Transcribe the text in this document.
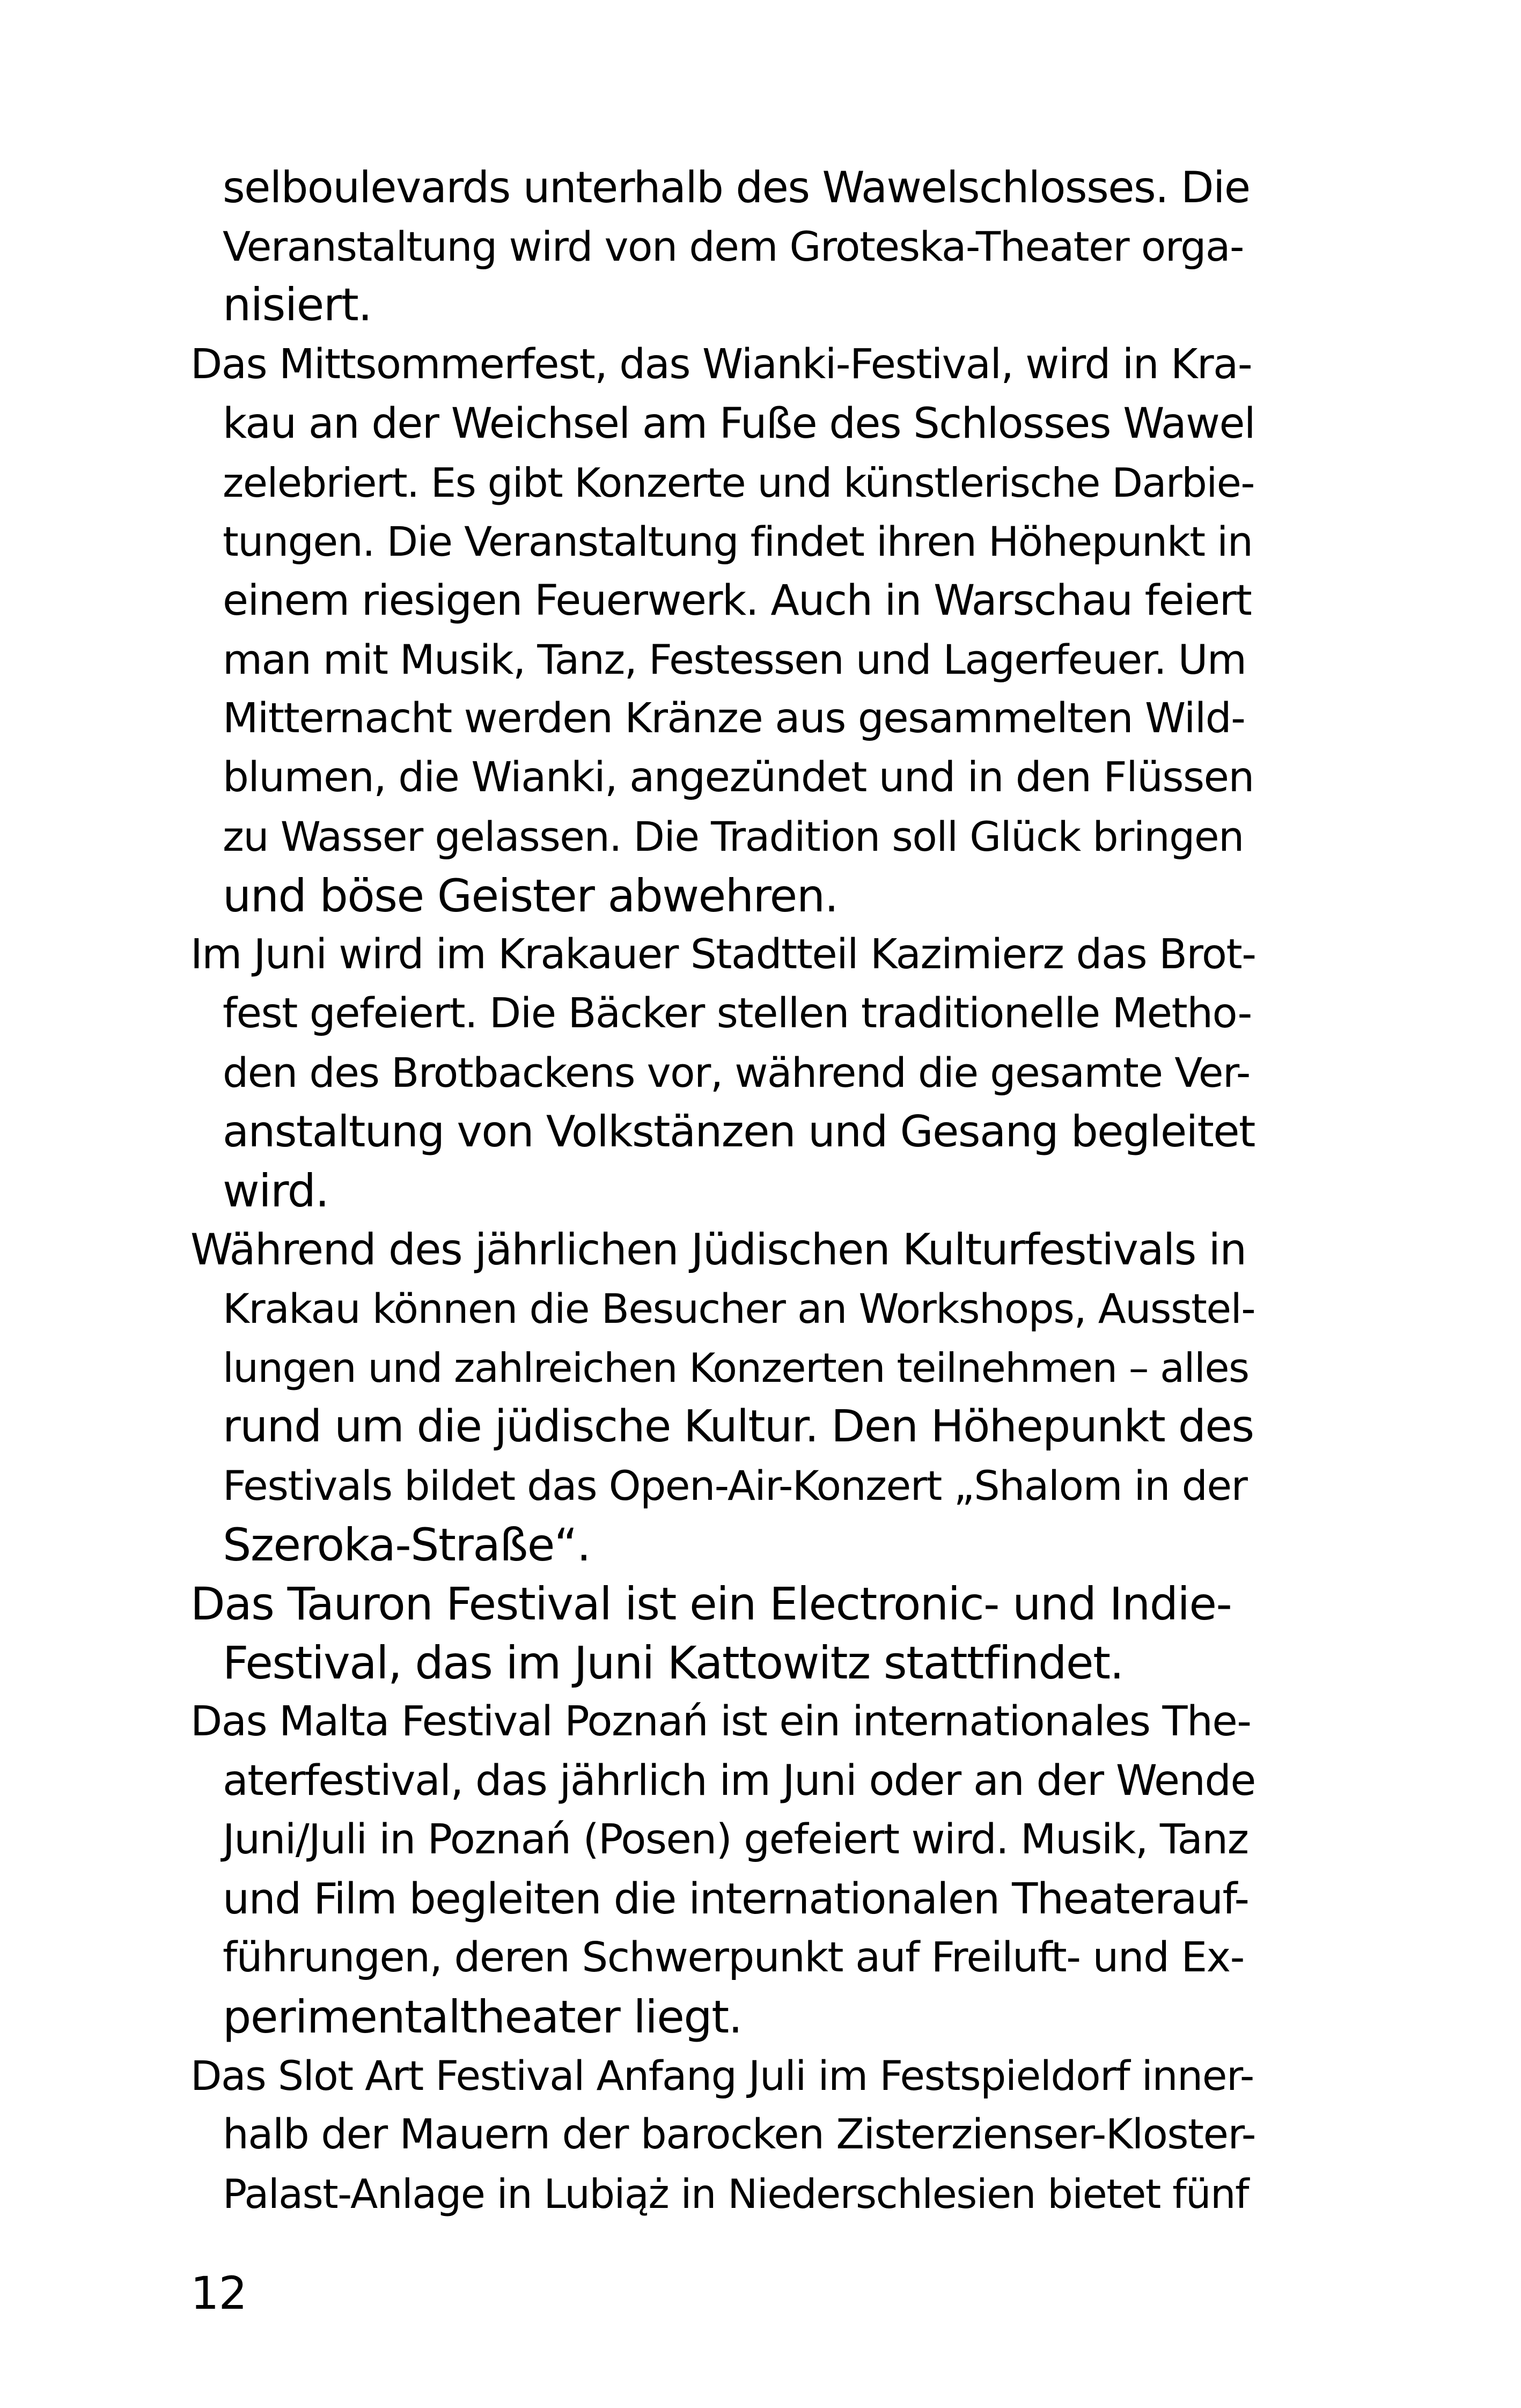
selboulevards unterhalb des Wawelschlosses. Die
Veranstaltung wird von dem Groteska-Theater orga-
nisiert.
Das Mittsommerfest, das Wianki-Festival, wird in Kra-
kau an der Weichsel am Fuße des Schlosses Wawel
zelebriert. Es gibt Konzerte und künstlerische Darbie-
tungen. Die Veranstaltung findet ihren Höhepunkt in
einem riesigen Feuerwerk. Auch in Warschau feiert
man mit Musik, Tanz, Festessen und Lagerfeuer. Um
Mitternacht werden Kränze aus gesammelten Wild-
blumen, die Wianki, angezündet und in den Flüssen
zu Wasser gelassen. Die Tradition soll Glück bringen
und böse Geister abwehren.
Im Juni wird im Krakauer Stadtteil Kazimierz das Brot-
fest gefeiert. Die Bäcker stellen traditionelle Metho-
den des Brotbackens vor, während die gesamte Ver-
anstaltung von Volkstänzen und Gesang begleitet
wird.
Während des jährlichen Jüdischen Kulturfestivals in
Krakau können die Besucher an Workshops, Ausstel-
lungen und zahlreichen Konzerten teilnehmen – alles
rund um die jüdische Kultur. Den Höhepunkt des
Festivals bildet das Open-Air-Konzert „Shalom in der
Szeroka-Straße“.
Das Tauron Festival ist ein Electronic- und Indie-
Festival, das im Juni Kattowitz stattfindet.
Das Malta Festival Poznań ist ein internationales The-
aterfestival, das jährlich im Juni oder an der Wende
Juni/Juli in Poznań (Posen) gefeiert wird. Musik, Tanz
und Film begleiten die internationalen Theaterauf-
führungen, deren Schwerpunkt auf Freiluft- und Ex-
perimentaltheater liegt.
Das Slot Art Festival Anfang Juli im Festspieldorf inner-
halb der Mauern der barocken Zisterzienser-Kloster-
Palast-Anlage in Lubiąż in Niederschlesien bietet fünf
12
